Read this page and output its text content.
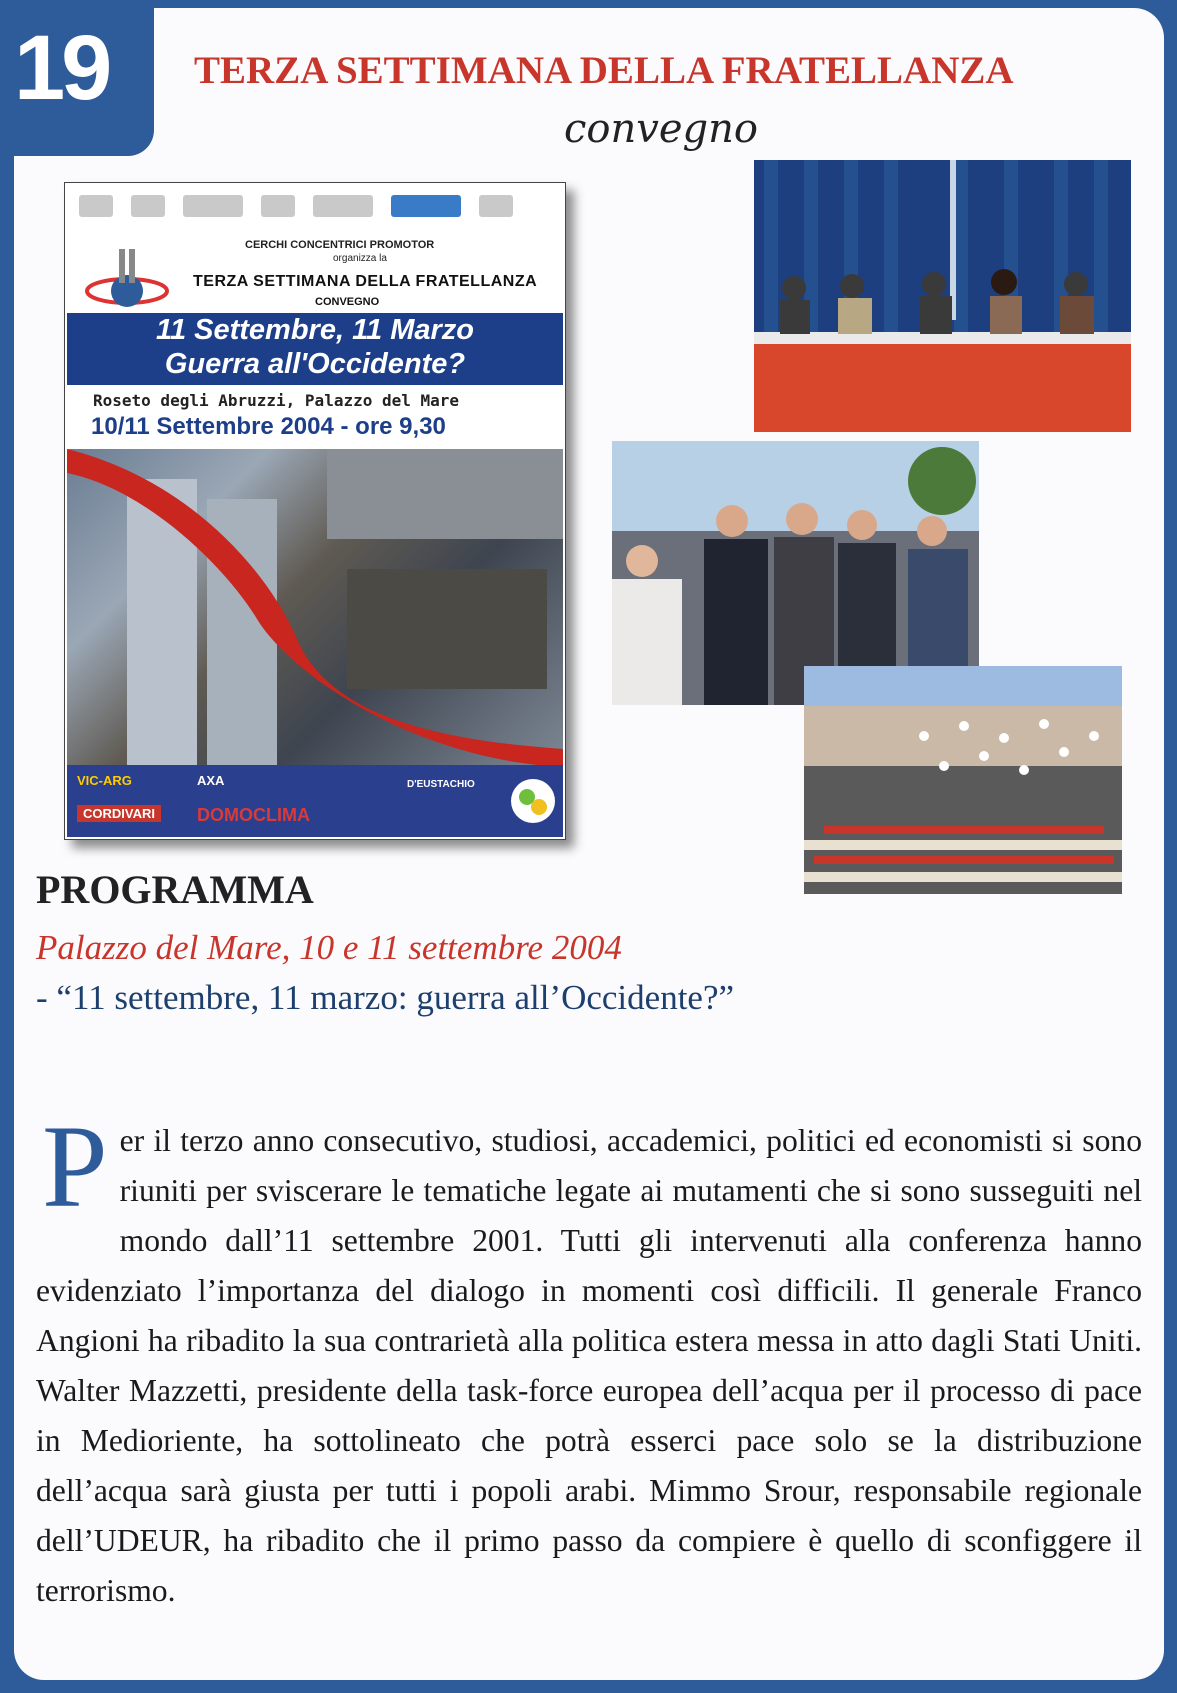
19	TERZA SETTIMANA DELLA FRATELLANZA
convegno
CERCHI CONCENTRICI PROMOTOR
organizza la
TERZA SETTIMANA DELLA FRATELLANZA
CONVEGNO
11 Settembre, 11 Marzo
Guerra all'Occidente?
Roseto degli Abruzzi, Palazzo del Mare
10/11 Settembre 2004 - ore 9,30
VIC-ARG
CORDIVARI
AXA
DOMOCLIMA
D'EUSTACHIO
PROGRAMMA
Palazzo del Mare, 10 e 11 settembre 2004
- “11 settembre, 11 marzo: guerra all’Occidente?”
Per il terzo anno consecutivo, studiosi, accademici, politici ed economisti si sono riuniti per sviscerare le tematiche legate ai mutamenti che si sono susseguiti nel mondo dall’11 settembre 2001. Tutti gli intervenuti alla conferenza hanno evidenziato l’importanza del dialogo in momenti così difficili. Il generale Franco Angioni ha ribadito la sua contrarietà alla politica estera messa in atto dagli Stati Uniti. Walter Mazzetti, presidente della task-force europea dell’acqua per il processo di pace in Medioriente, ha sottolineato che potrà esserci pace solo se la distribuzione dell’acqua sarà giusta per tutti i popoli arabi. Mimmo Srour, responsabile regionale dell’UDEUR, ha ribadito che il primo passo da compiere è quello di sconfiggere il terrorismo.
